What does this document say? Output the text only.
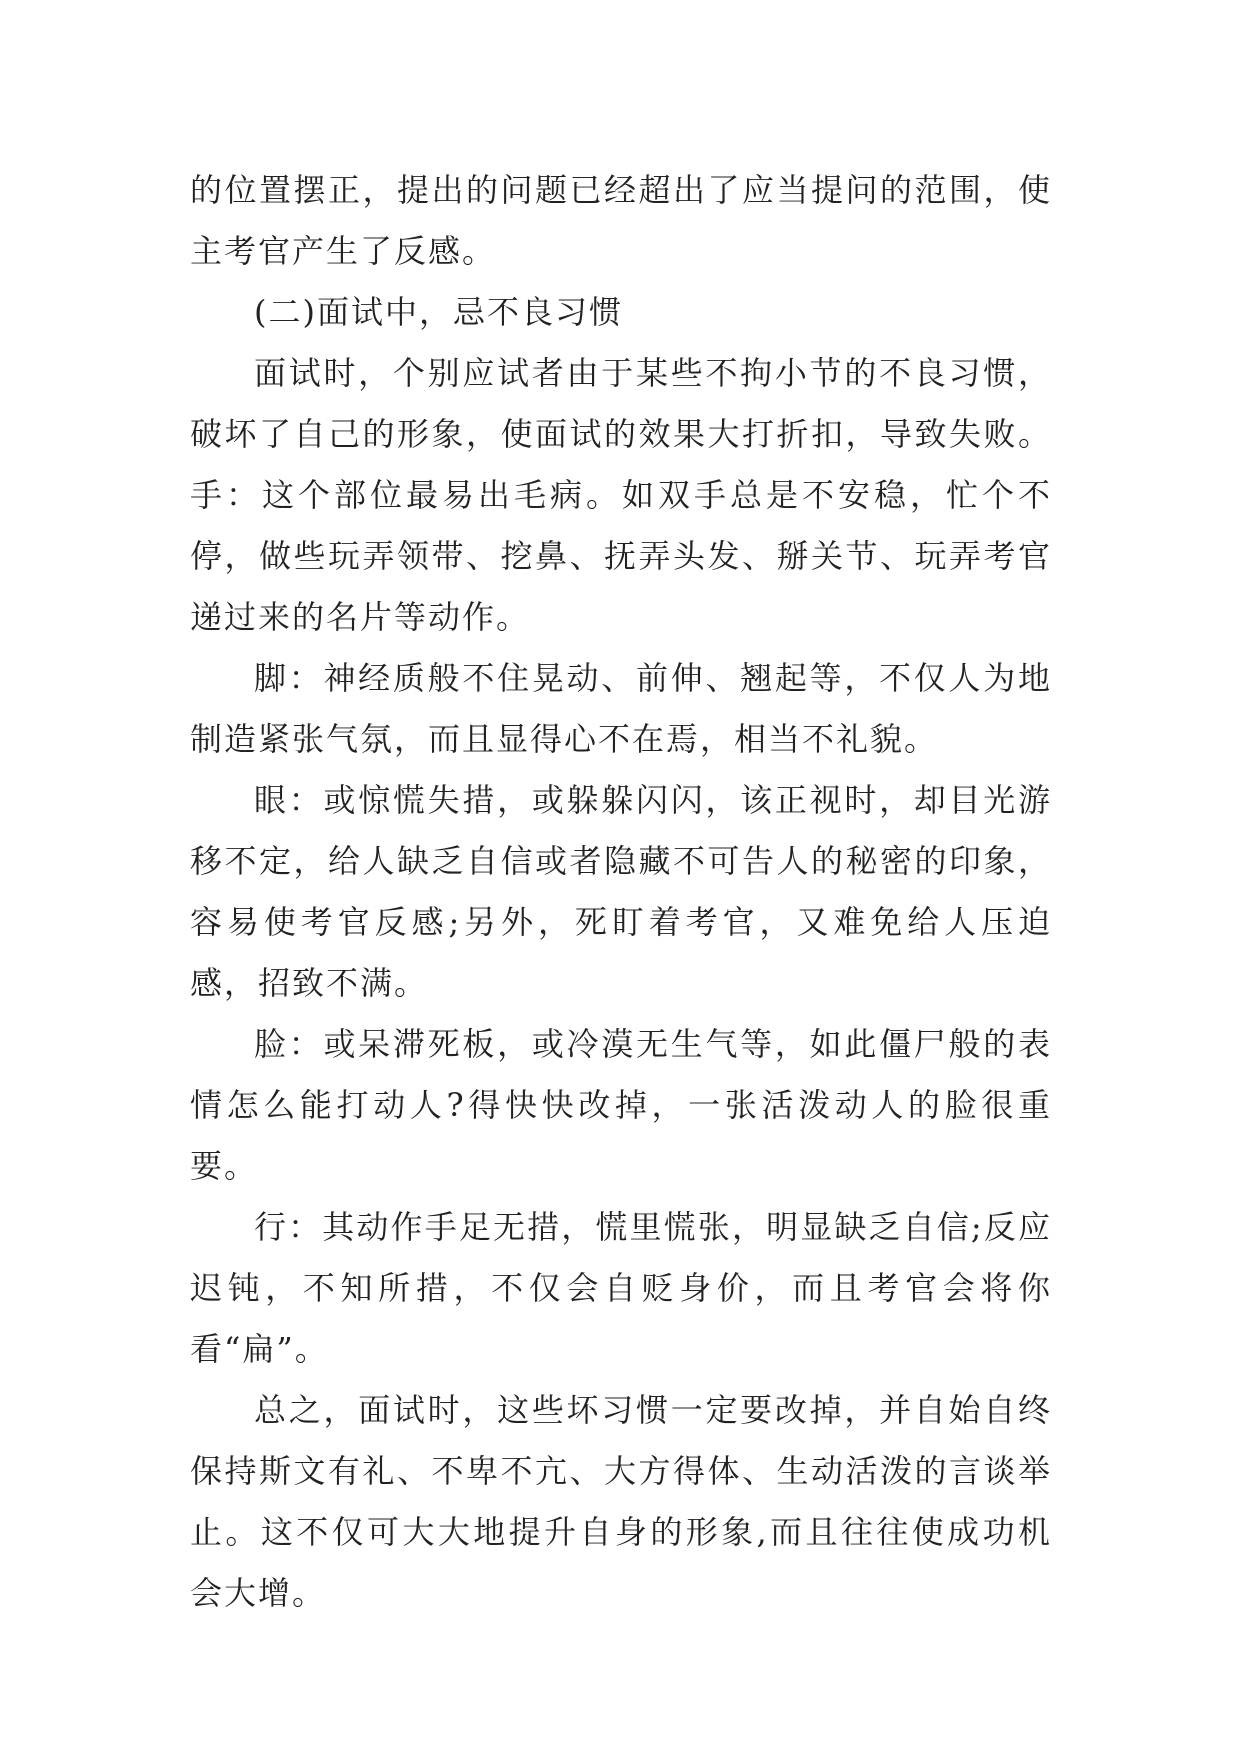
的位置摆正，提出的问题已经超出了应当提问的范围，使主考官产生了反感。

(二)面试中，忌不良习惯

面试时，个别应试者由于某些不拘小节的不良习惯，破坏了自己的形象，使面试的效果大打折扣，导致失败。 手：这个部位最易出毛病。如双手总是不安稳，忙个不停，做些玩弄领带、挖鼻、抚弄头发、掰关节、玩弄考官递过来的名片等动作。

脚：神经质般不住晃动、前伸、翘起等，不仅人为地制造紧张气氛，而且显得心不在焉，相当不礼貌。

眼：或惊慌失措，或躲躲闪闪，该正视时，却目光游移不定，给人缺乏自信或者隐藏不可告人的秘密的印象，容易使考官反感;另外，死盯着考官，又难免给人压迫感，招致不满。

脸：或呆滞死板，或冷漠无生气等，如此僵尸般的表情怎么能打动人?得快快改掉，一张活泼动人的脸很重要。

行：其动作手足无措，慌里慌张，明显缺乏自信;反应迟钝，不知所措，不仅会自贬身价，而且考官会将你看“扁”。

总之，面试时，这些坏习惯一定要改掉，并自始自终保持斯文有礼、不卑不亢、大方得体、生动活泼的言谈举止。这不仅可大大地提升自身的形象,而且往往使成功机会大增。
